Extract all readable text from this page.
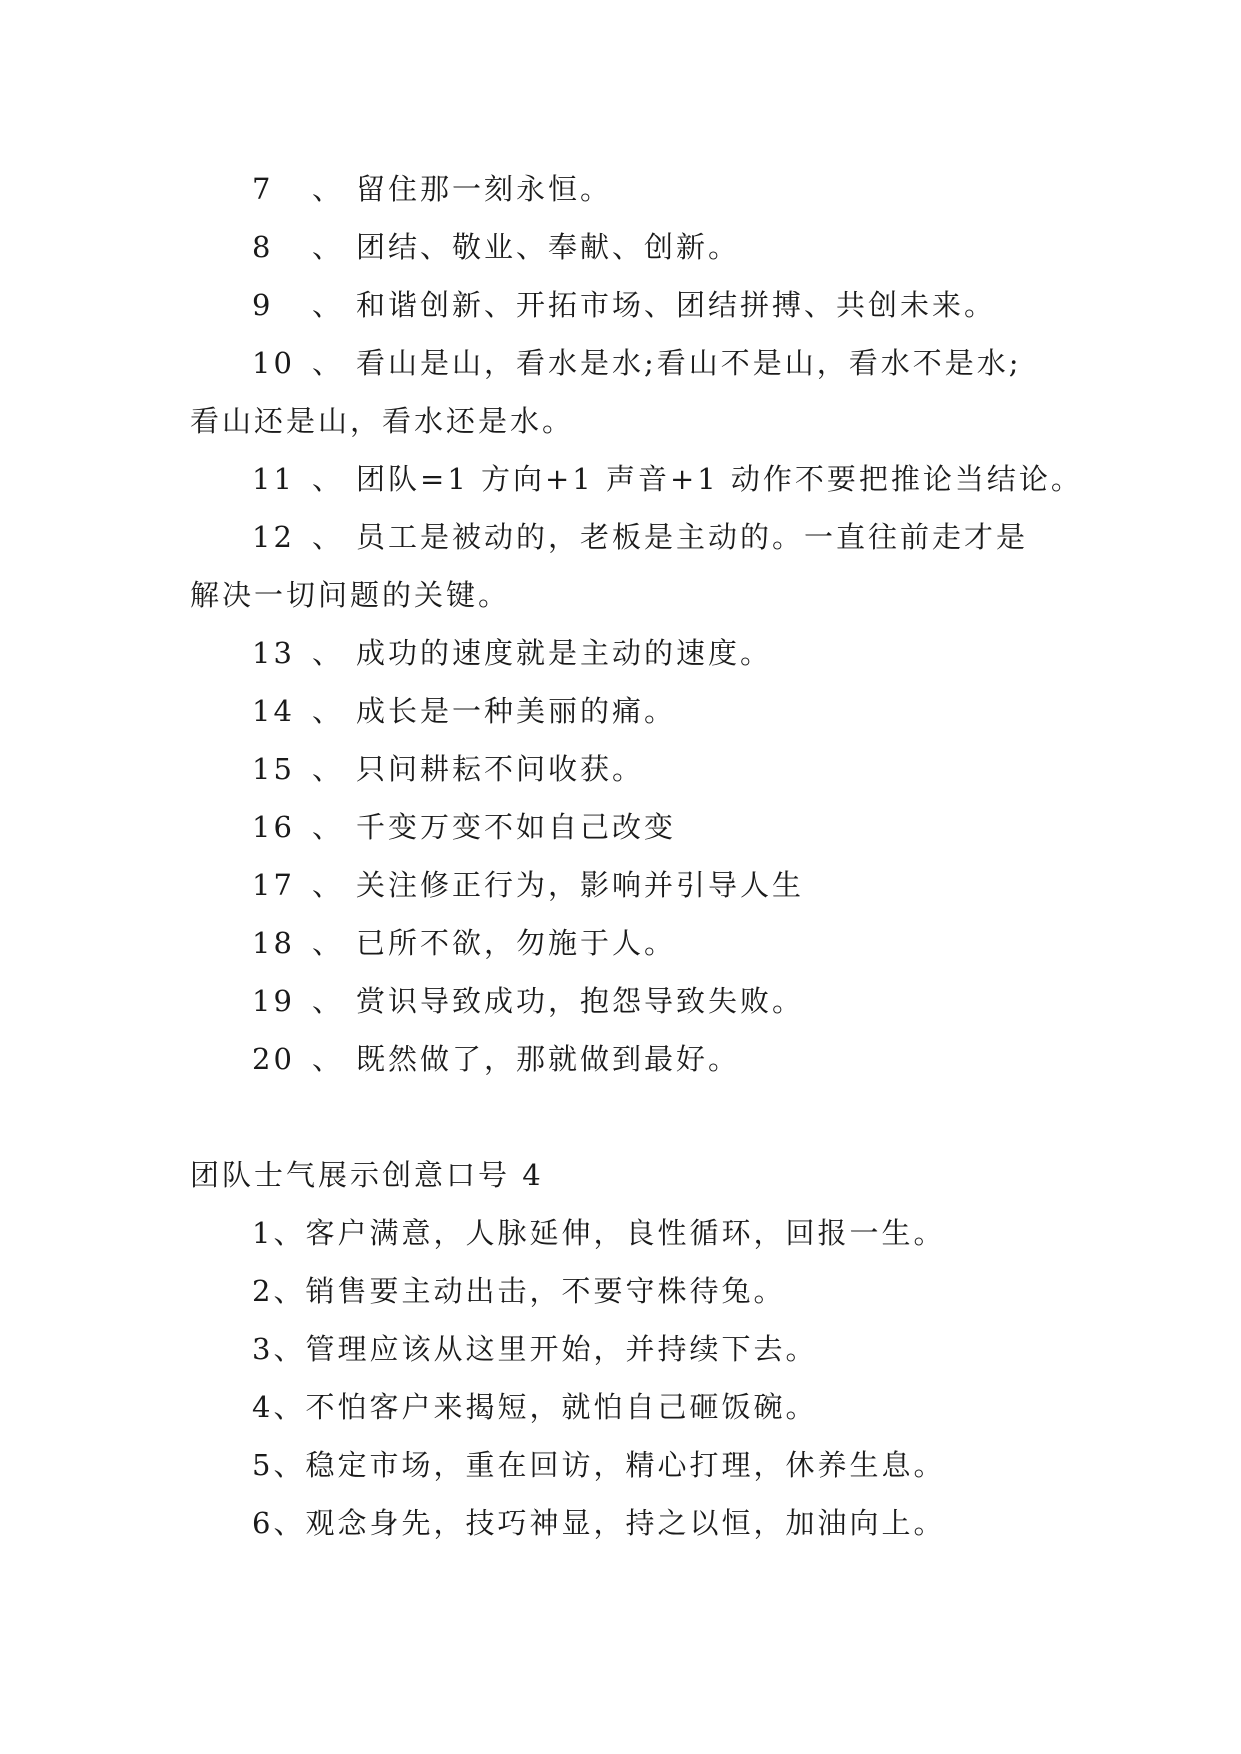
7 、 留住那一刻永恒。
8 、 团结、敬业、奉献、创新。
9 、 和谐创新、开拓市场、团结拼搏、共创未来。
10 、 看山是山，看水是水;看山不是山，看水不是水;
看山还是山，看水还是水。
11 、 团队=1 方向+1 声音+1 动作不要把推论当结论。
12 、 员工是被动的，老板是主动的。一直往前走才是
解决一切问题的关键。
13 、 成功的速度就是主动的速度。
14 、 成长是一种美丽的痛。
15 、 只问耕耘不问收获。
16 、 千变万变不如自己改变
17 、 关注修正行为，影响并引导人生
18 、 已所不欲，勿施于人。
19 、 赏识导致成功，抱怨导致失败。
20 、 既然做了，那就做到最好。
团队士气展示创意口号 4
1、客户满意，人脉延伸，良性循环，回报一生。
2、销售要主动出击，不要守株待兔。
3、管理应该从这里开始，并持续下去。
4、不怕客户来揭短，就怕自己砸饭碗。
5、稳定市场，重在回访，精心打理，休养生息。
6、观念身先，技巧神显，持之以恒，加油向上。
